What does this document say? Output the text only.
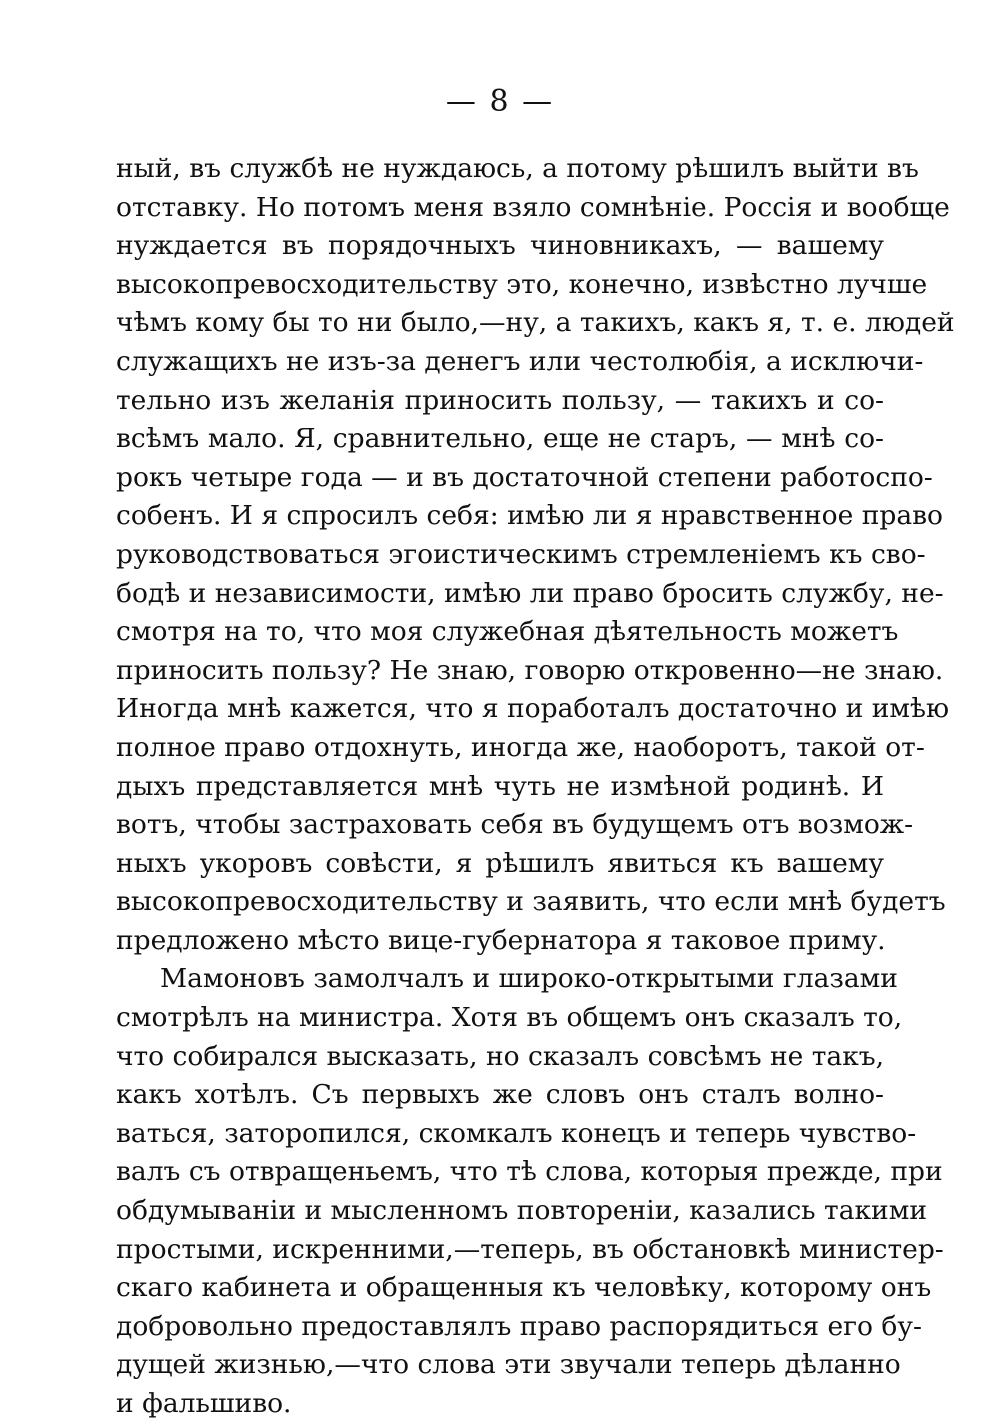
— 8 —
ный, въ службѣ не нуждаюсь, а потому рѣшилъ выйти въ
отставку. Но потомъ меня взяло сомнѣніе. Россія и вообще
нуждается въ порядочныхъ чиновникахъ, — вашему
высокопревосходительству это, конечно, извѣстно лучше
чѣмъ кому бы то ни было,—ну, а такихъ, какъ я, т. е. людей
служащихъ не изъ-за денегъ или честолюбія, а исключи-
тельно изъ желанія приносить пользу, — такихъ и со-
всѣмъ мало. Я, сравнительно, еще не старъ, — мнѣ со-
рокъ четыре года — и въ достаточной степени работоспо-
собенъ. И я спросилъ себя: имѣю ли я нравственное право
руководствоваться эгоистическимъ стремленіемъ къ сво-
бодѣ и независимости, имѣю ли право бросить службу, не-
смотря на то, что моя служебная дѣятельность можетъ
приносить пользу? Не знаю, говорю откровенно—не знаю.
Иногда мнѣ кажется, что я поработалъ достаточно и имѣю
полное право отдохнуть, иногда же, наоборотъ, такой от-
дыхъ представляется мнѣ чуть не измѣной родинѣ. И
вотъ, чтобы застраховать себя въ будущемъ отъ возмож-
ныхъ укоровъ совѣсти, я рѣшилъ явиться къ вашему
высокопревосходительству и заявить, что если мнѣ будетъ
предложено мѣсто вице-губернатора я таковое приму.
Мамоновъ замолчалъ и широко-открытыми глазами
смотрѣлъ на министра. Хотя въ общемъ онъ сказалъ то,
что собирался высказать, но сказалъ совсѣмъ не такъ,
какъ хотѣлъ. Съ первыхъ же словъ онъ сталъ волно-
ваться, заторопился, скомкалъ конецъ и теперь чувство-
валъ съ отвращеньемъ, что тѣ слова, которыя прежде, при
обдумываніи и мысленномъ повтореніи, казались такими
простыми, искренними,—теперь, въ обстановкѣ министер-
скаго кабинета и обращенныя къ человѣку, которому онъ
добровольно предоставлялъ право распорядиться его бу-
дущей жизнью,—что слова эти звучали теперь дѣланно
и фальшиво.
